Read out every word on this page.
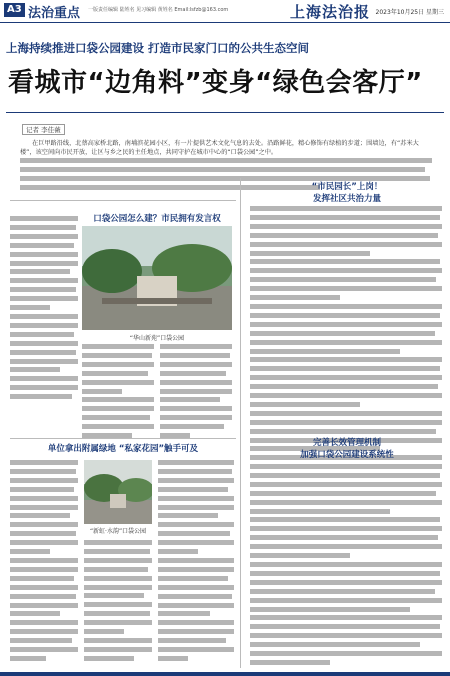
A3 法治重点 一版责任编辑 陆姓名 见习编辑 黄姓名 Email:lsfzb@163.com	上海法治报 2023年10月25日 星期三
上海持续推进口袋公园建设 打造市民家门口的公共生态空间
看城市“边角料”变身“绿色会客厅”
记者 李佳薇
在巨甲路沿线，北蔡高家桥北路，南埔滨花园小区，有一片提供艺术文化气息的去处。沿路鲜花，精心修饰有绿植的步道；围墙边，有“苏米大楼”，该空间向市民开放，让区与乡之民的主任地点，共同守护在城市中心的“口袋公园”之中。

“市民园长”上岗！
发挥社区共治力量

完善长效管理机制
加强口袋公园建设系统性

口袋公园怎么建？市民拥有发言权
“华山新苑”口袋公园

单位拿出附属绿地 “私家花园”触手可及

“新虹·水韵”口袋公园
